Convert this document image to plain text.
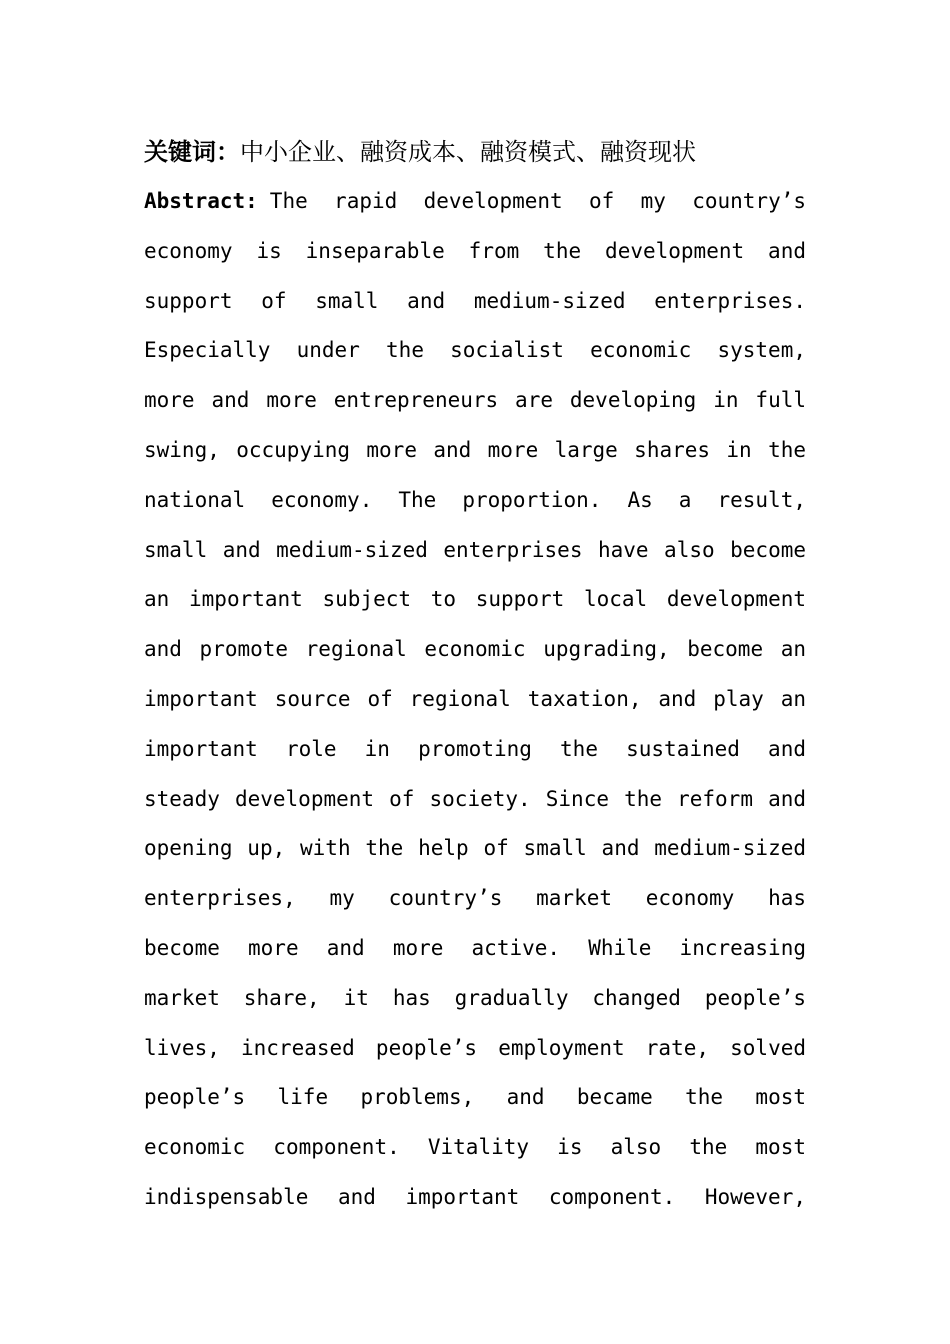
关键词：中小企业、融资成本、融资模式、融资现状
Abstract: The rapid development of my country’s
economy is inseparable from the development and
support of small and medium-sized enterprises.
Especially under the socialist economic system,
more and more entrepreneurs are developing in full
swing, occupying more and more large shares in the
national economy. The proportion. As a result,
small and medium-sized enterprises have also become
an important subject to support local development
and promote regional economic upgrading, become an
important source of regional taxation, and play an
important role in promoting the sustained and
steady development of society. Since the reform and
opening up, with the help of small and medium-sized
enterprises, my country’s market economy has
become more and more active. While increasing
market share, it has gradually changed people’s
lives, increased people’s employment rate, solved
people’s life problems, and became the most
economic component. Vitality is also the most
indispensable and important component. However,
